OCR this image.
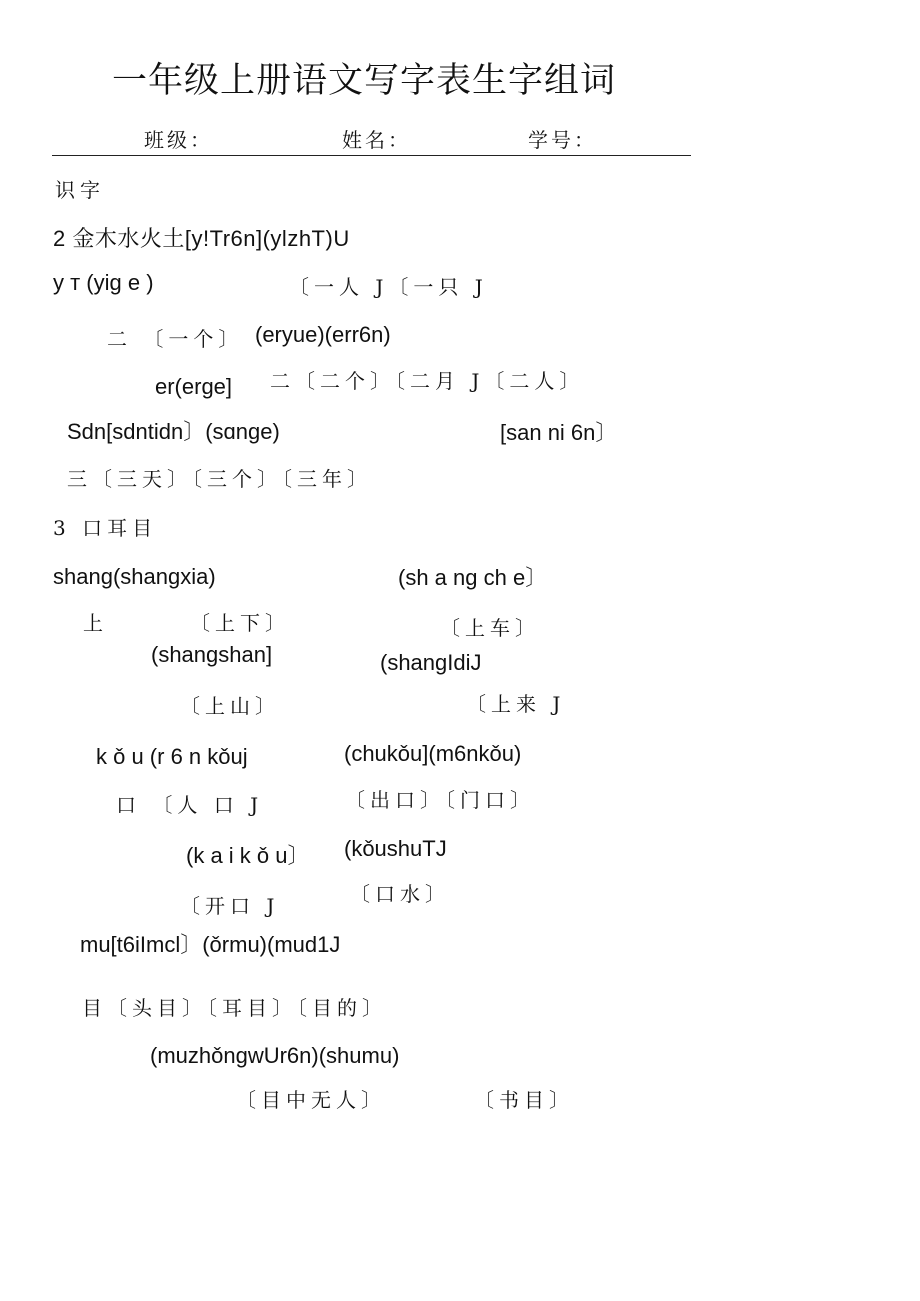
一年级上册语文写字表生字组词
班级：	姓名：	学号：
识字
2 金木水火土[y!Tr6n](ylzhT)U
y т (yig e )	〔一人 J〔一只 J
二 〔一个〕 (eryue)(err6n)
er(erge] 二〔二个〕〔二月 J〔二人〕
Sdn[sdntidn〕(sɑnge)	[san ni 6n〕
三〔三天〕〔三个〕〔三年〕
3 口耳目
shang(shangxia)	(sh a ng ch e〕
上	〔上下〕	〔上车〕
(shangshan]	(shangIdiJ
〔上山〕	〔上来 J
k ǒ u (r 6 n kǒuj	(chukǒu](m6nkǒu)
口 〔人 口 J	〔出口〕〔门口〕
(k a i k ǒ u〕 (kǒushuTJ
〔开口 J	〔口水〕
mu[t6iImcl〕(ǒrmu)(mud1J
目〔头目〕〔耳目〕〔目的〕
(muzhǒngwUr6n)(shumu)
〔目中无人〕	〔书目〕
